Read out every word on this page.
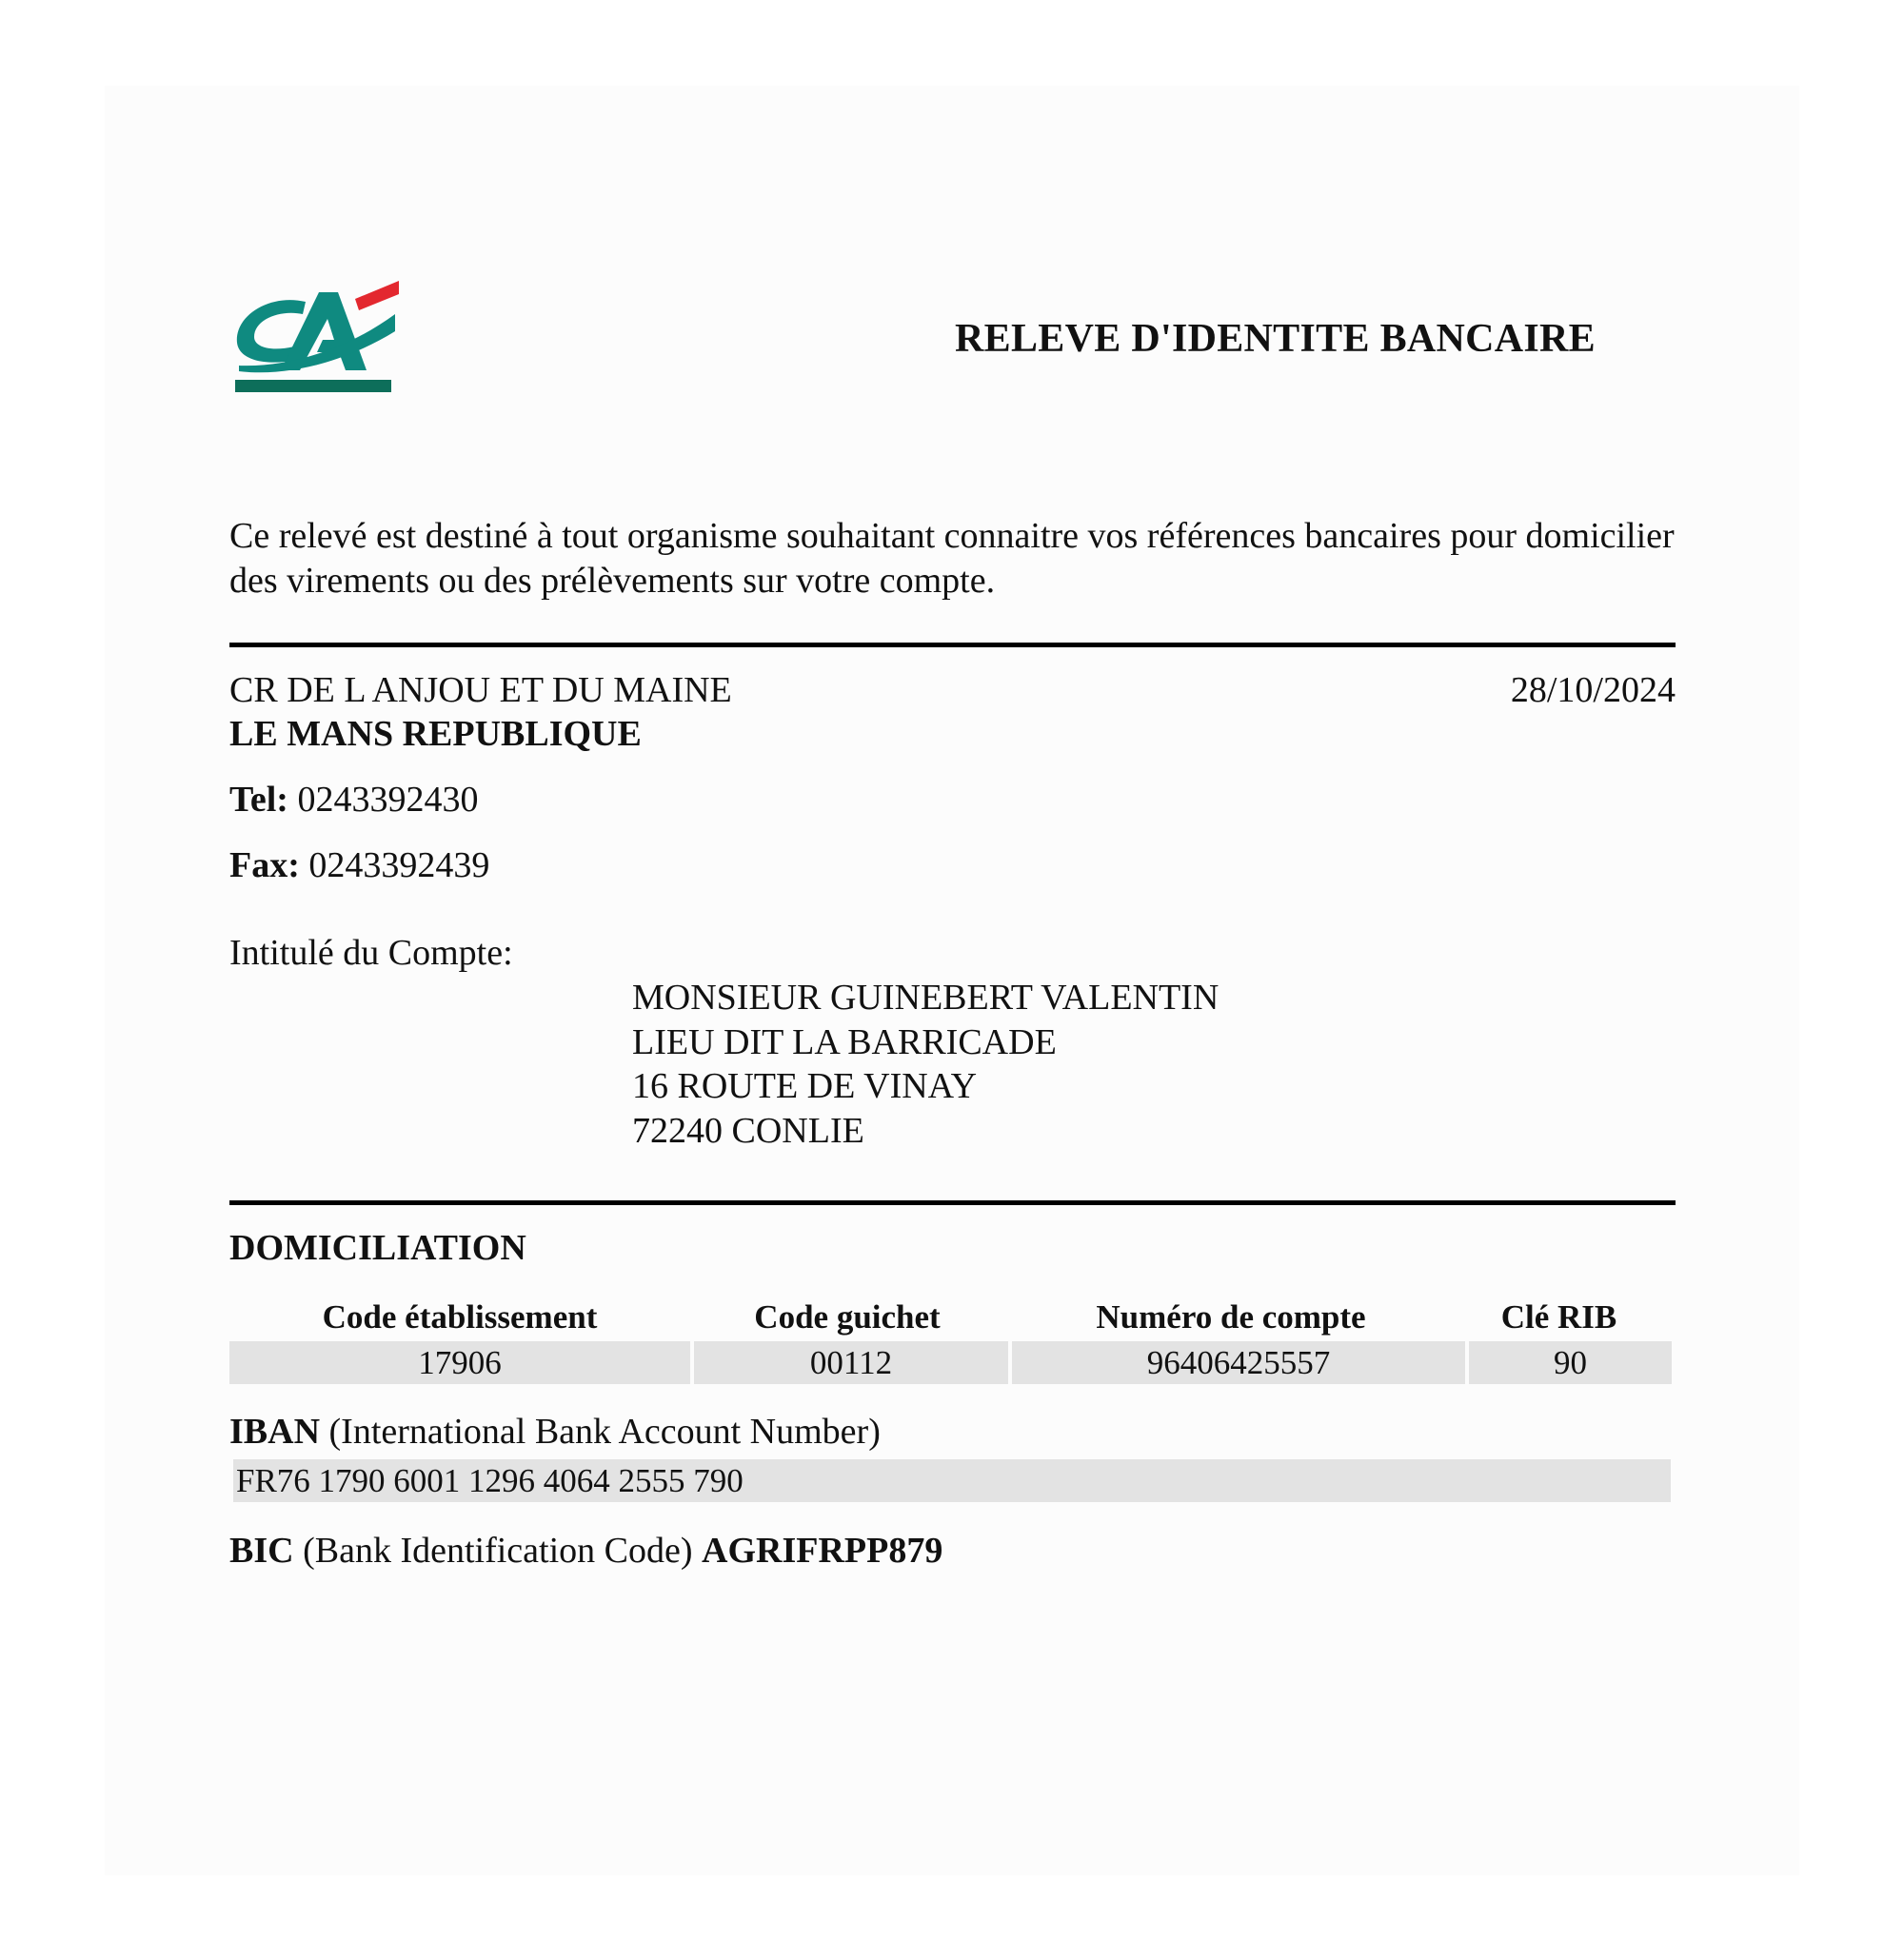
RELEVE D'IDENTITE BANCAIRE
Ce relevé est destiné à tout organisme souhaitant connaitre vos références bancaires pour domicilier des virements ou des prélèvements sur votre compte.
CR DE L ANJOU ET DU MAINE	28/10/2024
LE MANS REPUBLIQUE
Tel: 0243392430
Fax: 0243392439
Intitulé du Compte:
MONSIEUR GUINEBERT VALENTIN
LIEU DIT LA BARRICADE
16 ROUTE DE VINAY
72240 CONLIE
DOMICILIATION
Code établissement	Code guichet	Numéro de compte	Clé RIB
17906	00112	96406425557	90
IBAN (International Bank Account Number)
FR76 1790 6001 1296 4064 2555 790
BIC (Bank Identification Code) AGRIFRPP879
